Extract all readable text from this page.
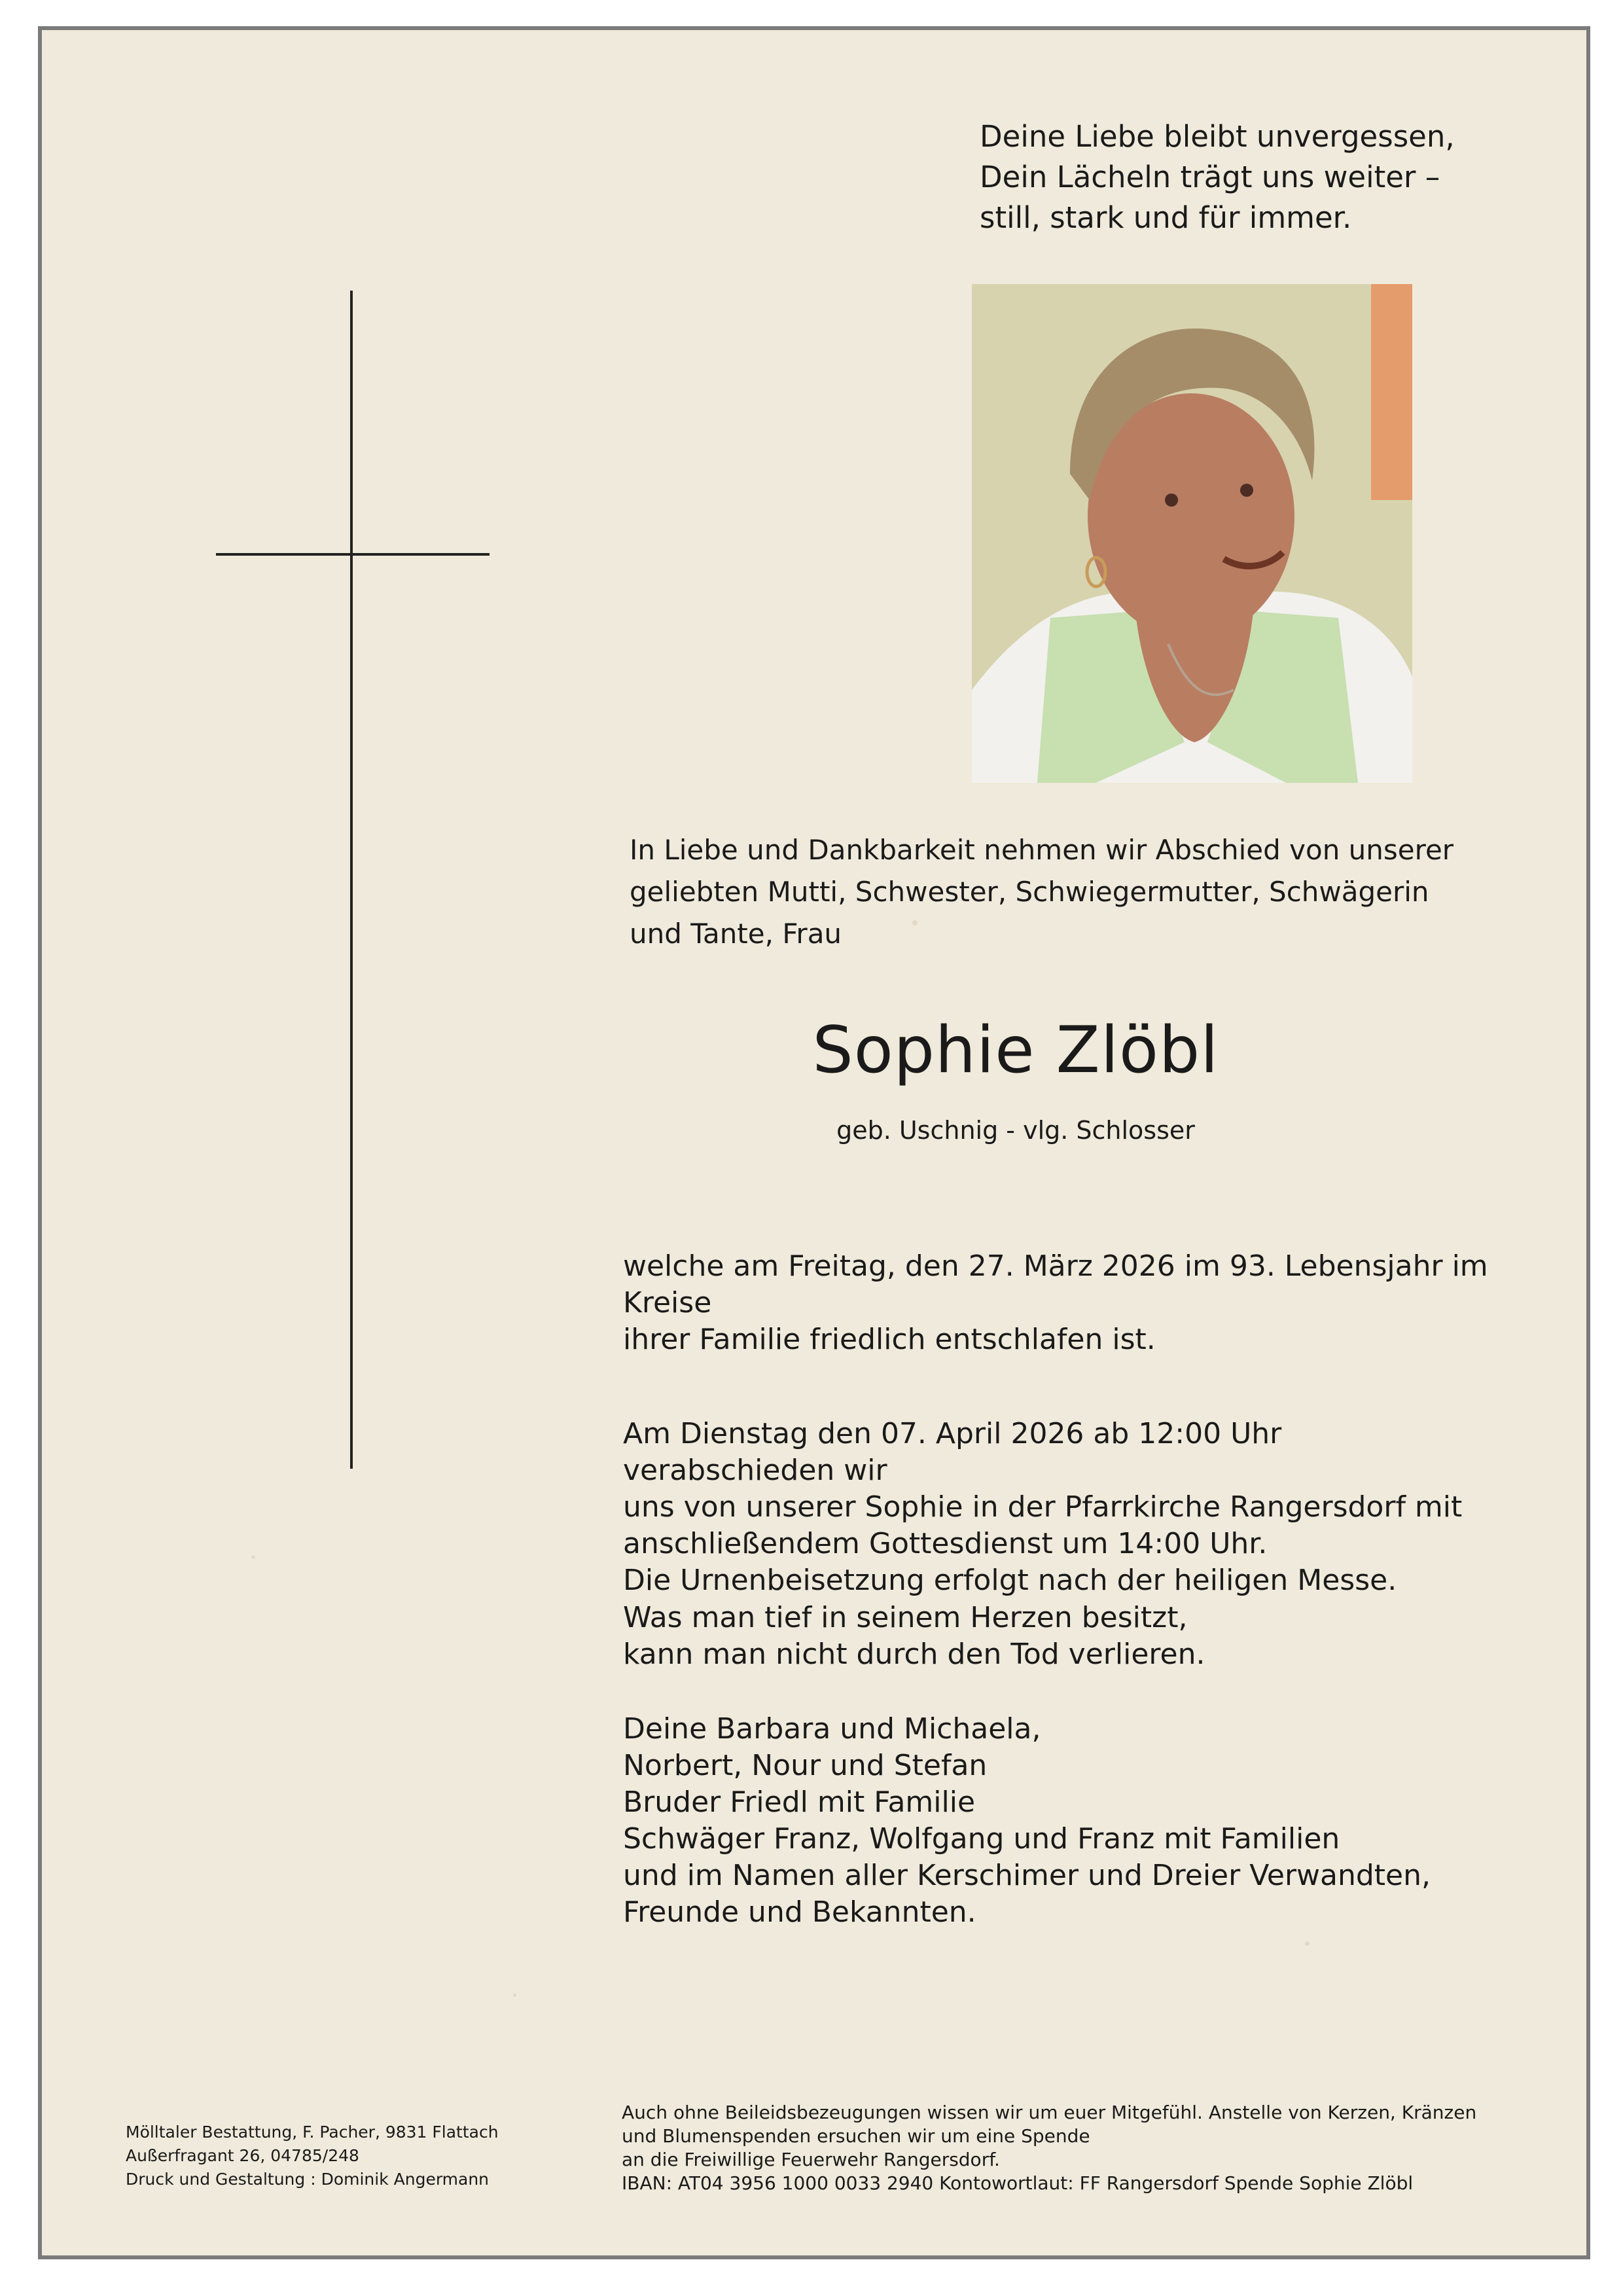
Deine Liebe bleibt unvergessen,
Dein Lächeln trägt uns weiter –
still, stark und für immer.
In Liebe und Dankbarkeit nehmen wir Abschied von unserer
geliebten Mutti, Schwester, Schwiegermutter, Schwägerin
und Tante, Frau
Sophie Zlöbl
geb. Uschnig - vlg. Schlosser
welche am Freitag, den 27. März 2026 im 93. Lebensjahr im Kreise
ihrer Familie friedlich entschlafen ist.
Am Dienstag den 07. April 2026 ab 12:00 Uhr verabschieden wir
uns von unserer Sophie in der Pfarrkirche Rangersdorf mit
anschließendem Gottesdienst um 14:00 Uhr.
Die Urnenbeisetzung erfolgt nach der heiligen Messe.
Was man tief in seinem Herzen besitzt,
kann man nicht durch den Tod verlieren.
Deine Barbara und Michaela,
Norbert, Nour und Stefan
Bruder Friedl mit Familie
Schwäger Franz, Wolfgang und Franz mit Familien
und im Namen aller Kerschimer und Dreier Verwandten,
Freunde und Bekannten.
Mölltaler Bestattung, F. Pacher, 9831 Flattach
Außerfragant 26, 04785/248
Druck und Gestaltung : Dominik Angermann
Auch ohne Beileidsbezeugungen wissen wir um euer Mitgefühl. Anstelle von Kerzen, Kränzen
und Blumenspenden ersuchen wir um eine Spende
an die Freiwillige Feuerwehr Rangersdorf.
IBAN: AT04 3956 1000 0033 2940 Kontowortlaut: FF Rangersdorf Spende Sophie Zlöbl
